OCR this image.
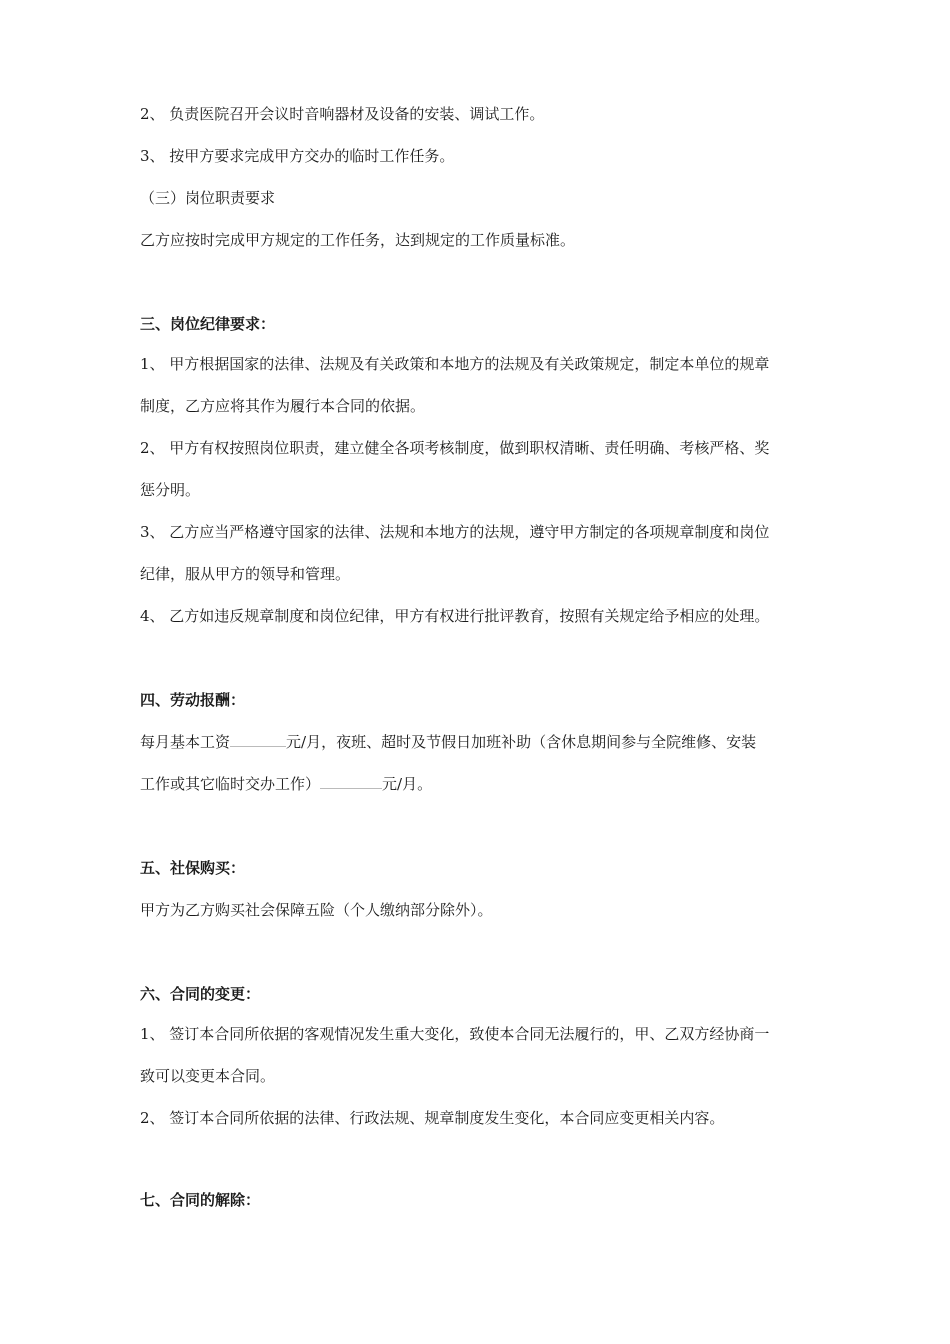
2、 负责医院召开会议时音响器材及设备的安装、调试工作。
3、 按甲方要求完成甲方交办的临时工作任务。
（三）岗位职责要求
乙方应按时完成甲方规定的工作任务，达到规定的工作质量标准。
三、岗位纪律要求：
1、 甲方根据国家的法律、法规及有关政策和本地方的法规及有关政策规定，制定本单位的规章
制度，乙方应将其作为履行本合同的依据。
2、 甲方有权按照岗位职责，建立健全各项考核制度，做到职权清晰、责任明确、考核严格、奖
惩分明。
3、 乙方应当严格遵守国家的法律、法规和本地方的法规，遵守甲方制定的各项规章制度和岗位
纪律，服从甲方的领导和管理。
4、 乙方如违反规章制度和岗位纪律，甲方有权进行批评教育，按照有关规定给予相应的处理。
四、劳动报酬：
每月基本工资	元/月，夜班、超时及节假日加班补助（含休息期间参与全院维修、安装
工作或其它临时交办工作）	元/月。
五、社保购买：
甲方为乙方购买社会保障五险（个人缴纳部分除外）。
六、合同的变更：
1、 签订本合同所依据的客观情况发生重大变化，致使本合同无法履行的，甲、乙双方经协商一
致可以变更本合同。
2、 签订本合同所依据的法律、行政法规、规章制度发生变化，本合同应变更相关内容。
七、合同的解除：
